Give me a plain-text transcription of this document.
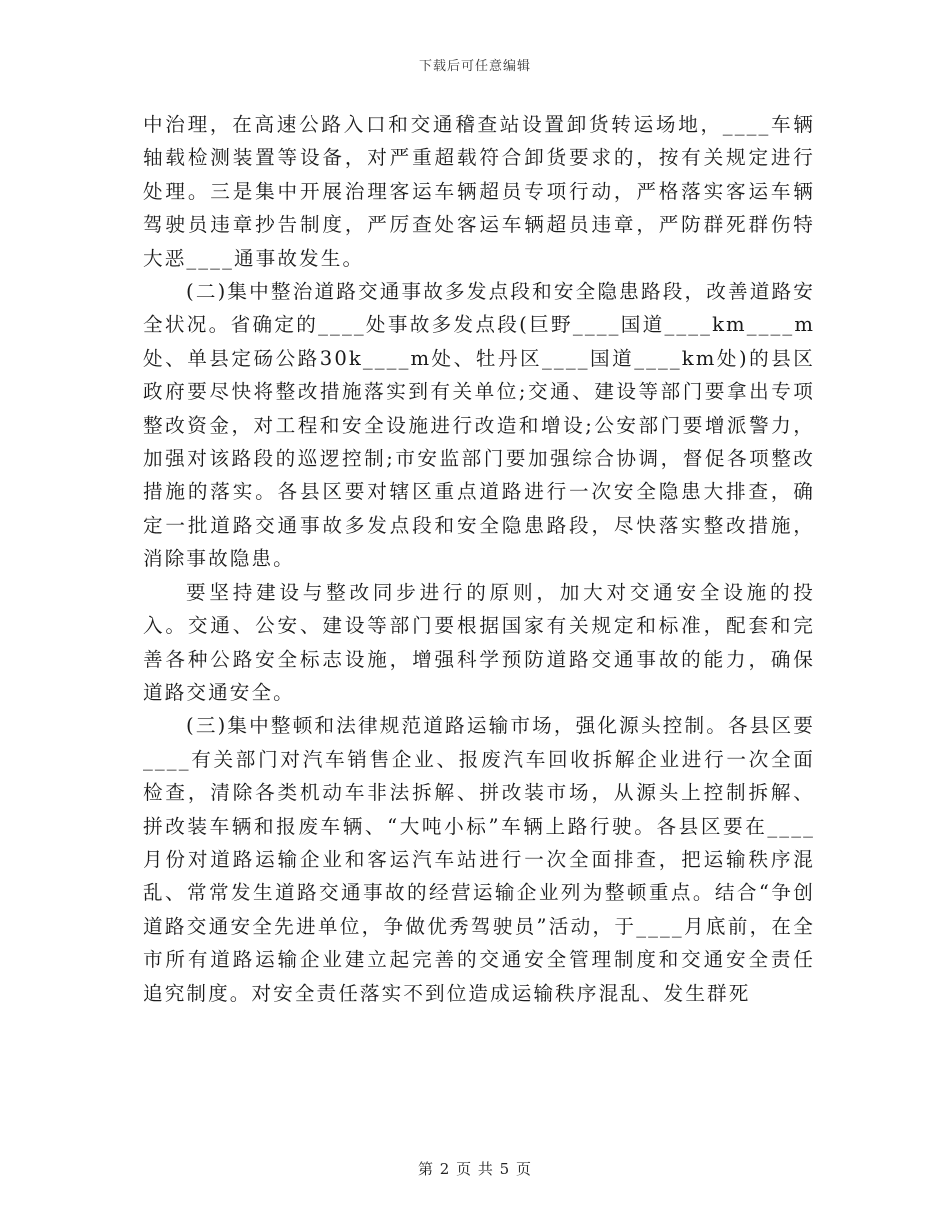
下载后可任意编辑

中治理，在高速公路入口和交通稽查站设置卸货转运场地，____车辆轴载检测装置等设备，对严重超载符合卸货要求的，按有关规定进行处理。三是集中开展治理客运车辆超员专项行动，严格落实客运车辆驾驶员违章抄告制度，严厉查处客运车辆超员违章，严防群死群伤特大恶____通事故发生。

(二)集中整治道路交通事故多发点段和安全隐患路段，改善道路安全状况。省确定的____处事故多发点段(巨野____国道____km____m处、单县定砀公路30k____m处、牡丹区____国道____km处)的县区政府要尽快将整改措施落实到有关单位;交通、建设等部门要拿出专项整改资金，对工程和安全设施进行改造和增设;公安部门要增派警力，加强对该路段的巡逻控制;市安监部门要加强综合协调，督促各项整改措施的落实。各县区要对辖区重点道路进行一次安全隐患大排查，确定一批道路交通事故多发点段和安全隐患路段，尽快落实整改措施，消除事故隐患。

要坚持建设与整改同步进行的原则，加大对交通安全设施的投入。交通、公安、建设等部门要根据国家有关规定和标准，配套和完善各种公路安全标志设施，增强科学预防道路交通事故的能力，确保道路交通安全。

(三)集中整顿和法律规范道路运输市场，强化源头控制。各县区要____有关部门对汽车销售企业、报废汽车回收拆解企业进行一次全面检查，清除各类机动车非法拆解、拼改装市场，从源头上控制拆解、拼改装车辆和报废车辆、“大吨小标”车辆上路行驶。各县区要在____月份对道路运输企业和客运汽车站进行一次全面排查，把运输秩序混乱、常常发生道路交通事故的经营运输企业列为整顿重点。结合“争创道路交通安全先进单位，争做优秀驾驶员”活动，于____月底前，在全市所有道路运输企业建立起完善的交通安全管理制度和交通安全责任追究制度。对安全责任落实不到位造成运输秩序混乱、发生群死

第 2 页 共 5 页
